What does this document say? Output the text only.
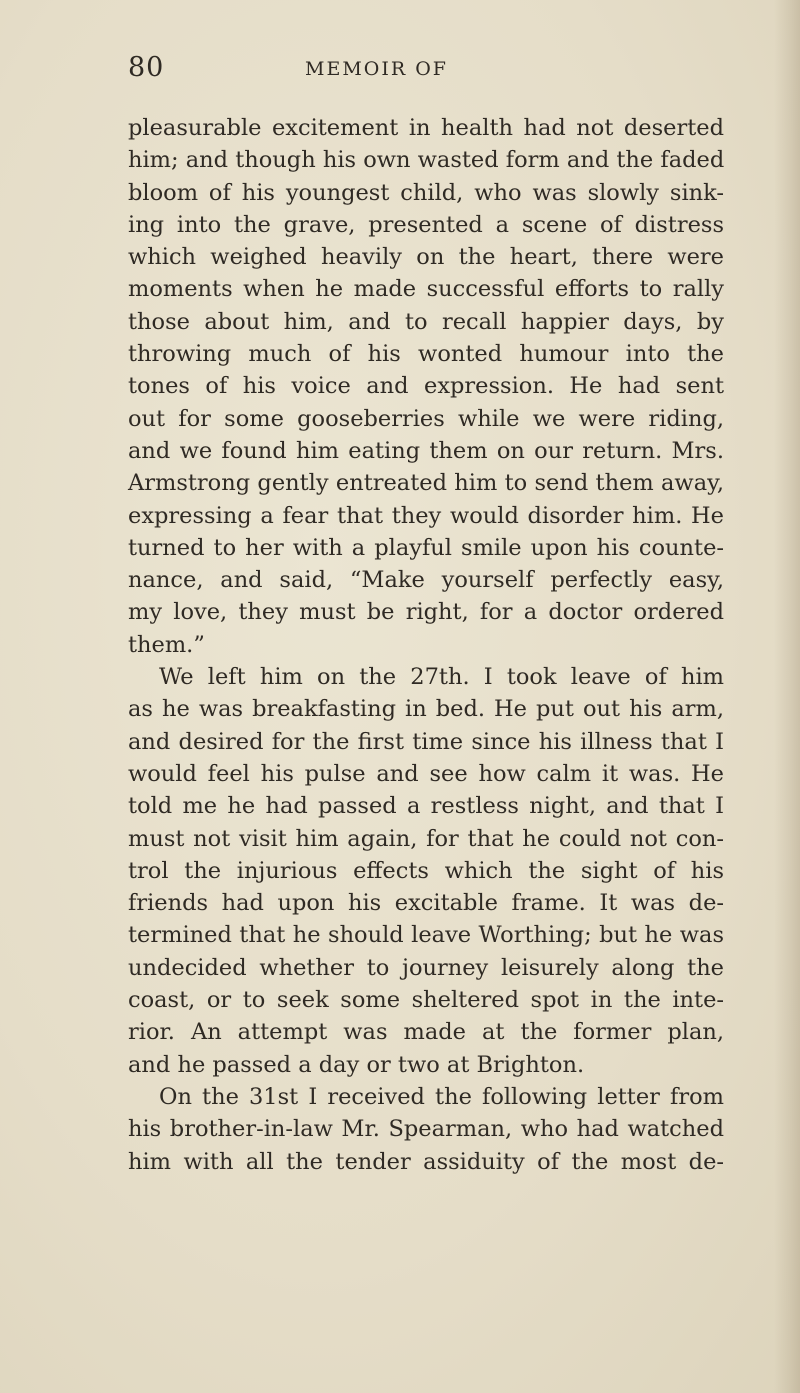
80	MEMOIR OF
pleasurable excitement in health had not deserted
him; and though his own wasted form and the faded
bloom of his youngest child, who was slowly sink-
ing into the grave, presented a scene of distress
which weighed heavily on the heart, there were
moments when he made successful efforts to rally
those about him, and to recall happier days, by
throwing much of his wonted humour into the
tones of his voice and expression. He had sent
out for some gooseberries while we were riding,
and we found him eating them on our return. Mrs.
Armstrong gently entreated him to send them away,
expressing a fear that they would disorder him. He
turned to her with a playful smile upon his counte-
nance, and said, “Make yourself perfectly easy,
my love, they must be right, for a doctor ordered
them.”
We left him on the 27th. I took leave of him
as he was breakfasting in bed. He put out his arm,
and desired for the first time since his illness that I
would feel his pulse and see how calm it was. He
told me he had passed a restless night, and that I
must not visit him again, for that he could not con-
trol the injurious effects which the sight of his
friends had upon his excitable frame. It was de-
termined that he should leave Worthing; but he was
undecided whether to journey leisurely along the
coast, or to seek some sheltered spot in the inte-
rior. An attempt was made at the former plan,
and he passed a day or two at Brighton.
On the 31st I received the following letter from
his brother-in-law Mr. Spearman, who had watched
him with all the tender assiduity of the most de-
